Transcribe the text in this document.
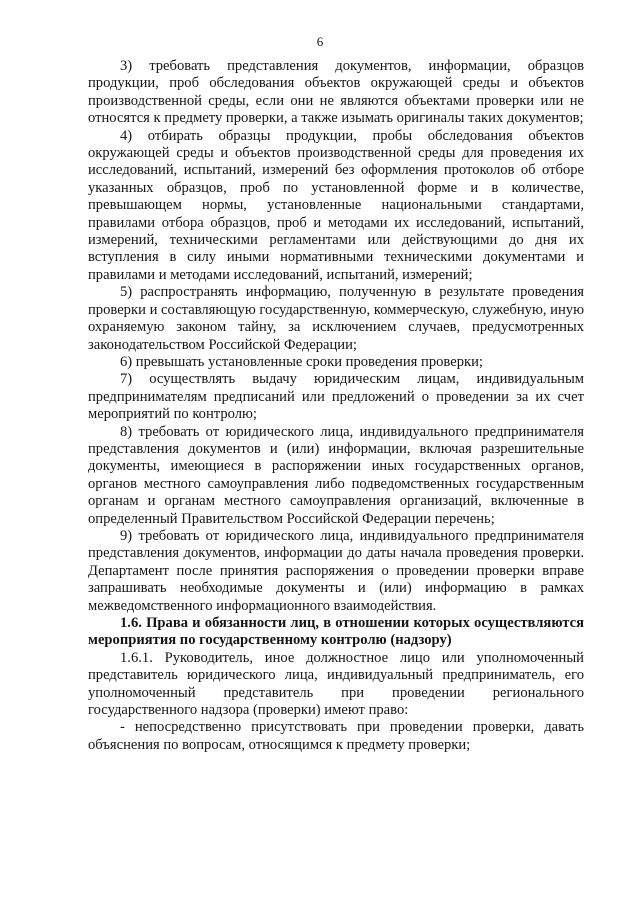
6

3) требовать представления документов, информации, образцов продукции, проб обследования объектов окружающей среды и объектов производственной среды, если они не являются объектами проверки или не относятся к предмету проверки, а также изымать оригиналы таких документов;

4) отбирать образцы продукции, пробы обследования объектов окружающей среды и объектов производственной среды для проведения их исследований, испытаний, измерений без оформления протоколов об отборе указанных образцов, проб по установленной форме и в количестве, превышающем нормы, установленные национальными стандартами, правилами отбора образцов, проб и методами их исследований, испытаний, измерений, техническими регламентами или действующими до дня их вступления в силу иными нормативными техническими документами и правилами и методами исследований, испытаний, измерений;

5) распространять информацию, полученную в результате проведения проверки и составляющую государственную, коммерческую, служебную, иную охраняемую законом тайну, за исключением случаев, предусмотренных законодательством Российской Федерации;

6) превышать установленные сроки проведения проверки;

7) осуществлять выдачу юридическим лицам, индивидуальным предпринимателям предписаний или предложений о проведении за их счет мероприятий по контролю;

8) требовать от юридического лица, индивидуального предпринимателя представления документов и (или) информации, включая разрешительные документы, имеющиеся в распоряжении иных государственных органов, органов местного самоуправления либо подведомственных государственным органам и органам местного самоуправления организаций, включенные в определенный Правительством Российской Федерации перечень;

9) требовать от юридического лица, индивидуального предпринимателя представления документов, информации до даты начала проведения проверки. Департамент после принятия распоряжения о проведении проверки вправе запрашивать необходимые документы и (или) информацию в рамках межведомственного информационного взаимодействия.

1.6. Права и обязанности лиц, в отношении которых осуществляются мероприятия по государственному контролю (надзору)

1.6.1. Руководитель, иное должностное лицо или уполномоченный представитель юридического лица, индивидуальный предприниматель, его уполномоченный представитель при проведении регионального государственного надзора (проверки) имеют право:

- непосредственно присутствовать при проведении проверки, давать объяснения по вопросам, относящимся к предмету проверки;
